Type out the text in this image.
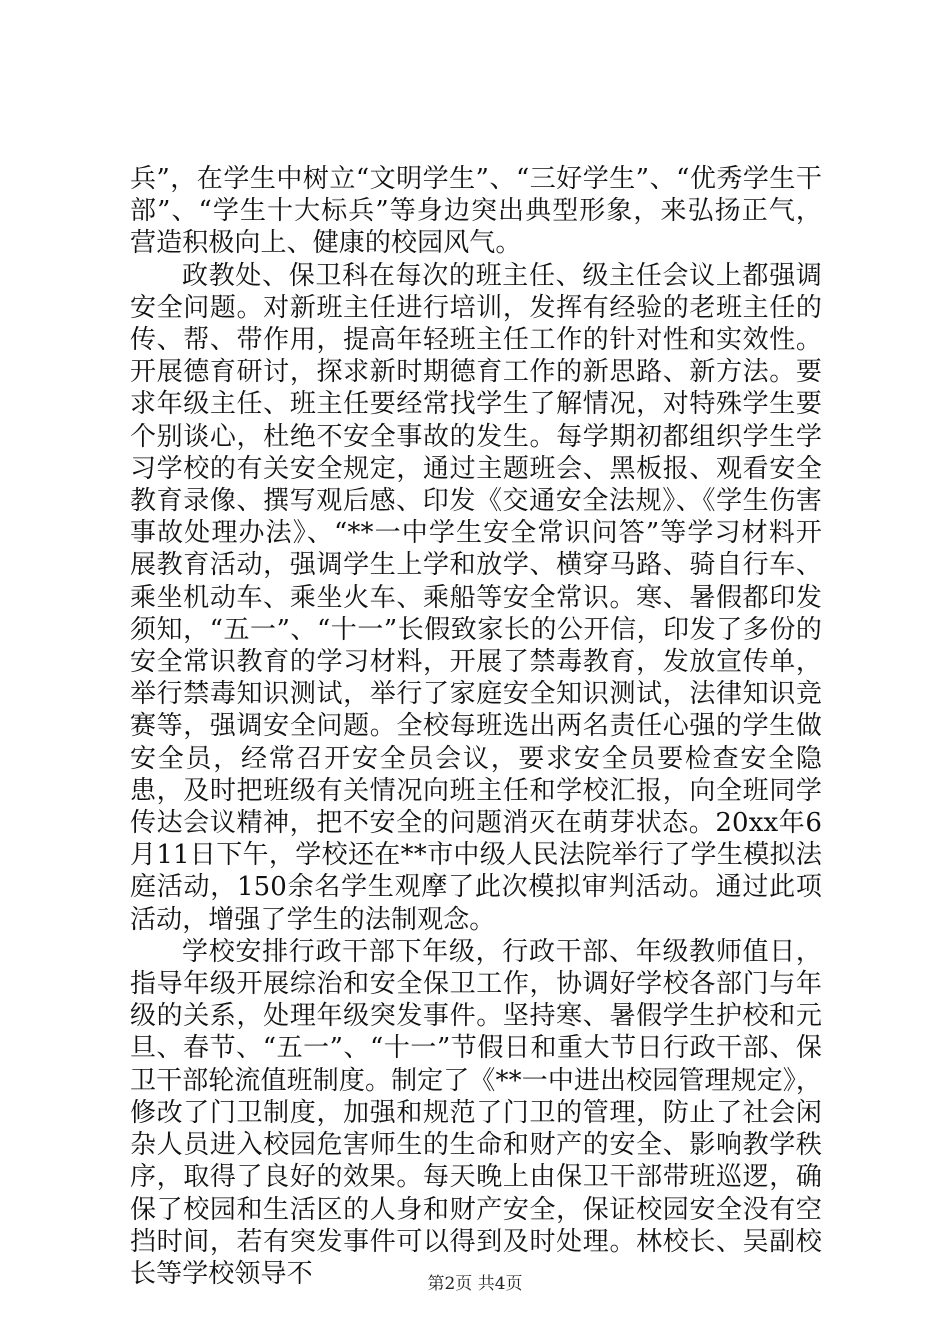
兵”，在学生中树立“文明学生”、“三好学生”、“优秀学生干部”、“学生十大标兵”等身边突出典型形象，来弘扬正气，营造积极向上、健康的校园风气。

政教处、保卫科在每次的班主任、级主任会议上都强调安全问题。对新班主任进行培训，发挥有经验的老班主任的传、帮、带作用，提高年轻班主任工作的针对性和实效性。开展德育研讨，探求新时期德育工作的新思路、新方法。要求年级主任、班主任要经常找学生了解情况，对特殊学生要个别谈心，杜绝不安全事故的发生。每学期初都组织学生学习学校的有关安全规定，通过主题班会、黑板报、观看安全教育录像、撰写观后感、印发《交通安全法规》、《学生伤害事故处理办法》、“**一中学生安全常识问答”等学习材料开展教育活动，强调学生上学和放学、横穿马路、骑自行车、乘坐机动车、乘坐火车、乘船等安全常识。寒、暑假都印发须知，“五一”、“十一”长假致家长的公开信，印发了多份的安全常识教育的学习材料，开展了禁毒教育，发放宣传单，举行禁毒知识测试，举行了家庭安全知识测试，法律知识竞赛等，强调安全问题。全校每班选出两名责任心强的学生做安全员，经常召开安全员会议，要求安全员要检查安全隐患，及时把班级有关情况向班主任和学校汇报，向全班同学传达会议精神，把不安全的问题消灭在萌芽状态。20xx年6月11日下午，学校还在**市中级人民法院举行了学生模拟法庭活动，150余名学生观摩了此次模拟审判活动。通过此项活动，增强了学生的法制观念。

学校安排行政干部下年级，行政干部、年级教师值日，指导年级开展综治和安全保卫工作，协调好学校各部门与年级的关系，处理年级突发事件。坚持寒、暑假学生护校和元旦、春节、“五一”、“十一”节假日和重大节日行政干部、保卫干部轮流值班制度。制定了《**一中进出校园管理规定》，修改了门卫制度，加强和规范了门卫的管理，防止了社会闲杂人员进入校园危害师生的生命和财产的安全、影响教学秩序，取得了良好的效果。每天晚上由保卫干部带班巡逻，确保了校园和生活区的人身和财产安全，保证校园安全没有空挡时间，若有突发事件可以得到及时处理。林校长、吴副校长等学校领导不	第2页 共4页
